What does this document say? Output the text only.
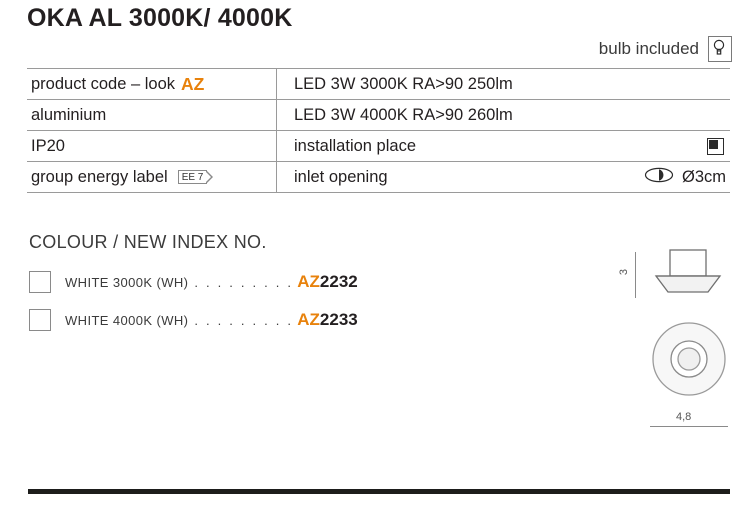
OKA AL 3000K/ 4000K
bulb included
product code – look AZ	LED 3W 3000K RA>90 250lm
aluminium	LED 3W 4000K RA>90 260lm
IP20	installation place
group energy label EE 7	inlet opening	Ø3cm
COLOUR / NEW INDEX NO.
WHITE 3000K (WH) . . . . . . . . . AZ2232
WHITE 4000K (WH) . . . . . . . . . AZ2233
3
4,8
